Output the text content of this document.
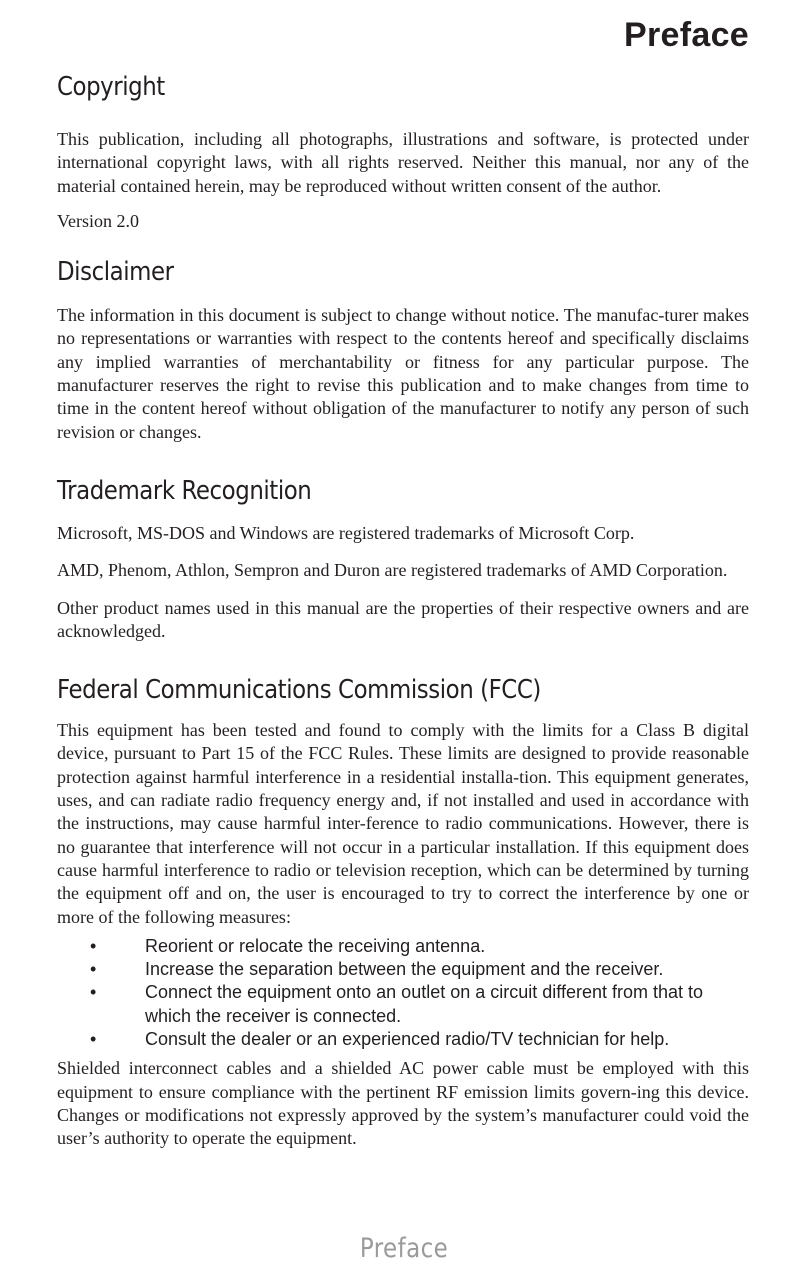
Preface
Copyright

This publication, including all photographs, illustrations and software, is protected under international copyright laws, with all rights reserved. Neither this manual, nor any of the material contained herein, may be reproduced without written consent of the author.

Version 2.0

Disclaimer

The information in this document is subject to change without notice. The manufac-turer makes no representations or warranties with respect to the contents hereof and specifically disclaims any implied warranties of merchantability or fitness for any particular purpose. The manufacturer reserves the right to revise this publication and to make changes from time to time in the content hereof without obligation of the manufacturer to notify any person of such revision or changes.

Trademark Recognition

Microsoft, MS-DOS and Windows are registered trademarks of Microsoft Corp.

AMD, Phenom, Athlon, Sempron and Duron are registered trademarks of AMD Corporation.

Other product names used in this manual are the properties of their respective owners and are acknowledged.

Federal Communications Commission (FCC)

This equipment has been tested and found to comply with the limits for a Class B digital device, pursuant to Part 15 of the FCC Rules. These limits are designed to provide reasonable protection against harmful interference in a residential installa-tion. This equipment generates, uses, and can radiate radio frequency energy and, if not installed and used in accordance with the instructions, may cause harmful inter-ference to radio communications. However, there is no guarantee that interference will not occur in a particular installation. If this equipment does cause harmful interference to radio or television reception, which can be determined by turning the equipment off and on, the user is encouraged to try to correct the interference by one or more of the following measures:

•	Reorient or relocate the receiving antenna.
•	Increase the separation between the equipment and the receiver.
•	Connect the equipment onto an outlet on a circuit different from that to which the receiver is connected.
•	Consult the dealer or an experienced radio/TV technician for help.

Shielded interconnect cables and a shielded AC power cable must be employed with this equipment to ensure compliance with the pertinent RF emission limits govern-ing this device. Changes or modifications not expressly approved by the system’s manufacturer could void the user’s authority to operate the equipment.

Preface
